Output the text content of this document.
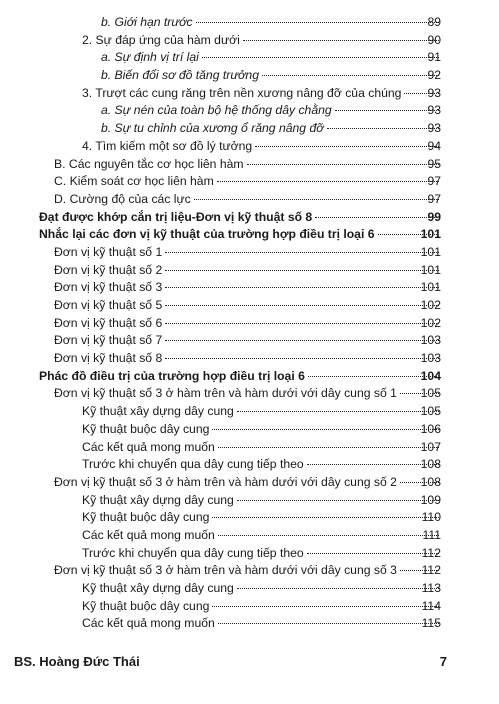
b. Giới hạn trước	89
2. Sự đáp ứng của hàm dưới	90
a. Sự định vị trí lại	91
b. Biến đổi sơ đồ tăng trưởng	92
3. Trượt các cung răng trên nền xương nâng đỡ của chúng	93
a. Sự nén của toàn bộ hệ thống dây chằng	93
b. Sự tu chỉnh của xương ổ răng nâng đỡ	93
4. Tìm kiếm một sơ đồ lý tưởng	94
B. Các nguyên tắc cơ học liên hàm	95
C. Kiểm soát cơ học liên hàm	97
D. Cường độ của các lực	97
Đạt được khớp cắn trị liệu-Đơn vị kỹ thuật số 8	99
Nhắc lại các đơn vị kỹ thuật của trường hợp điều trị loại 6	101
Đơn vị kỹ thuật số 1	101
Đơn vị kỹ thuật số 2	101
Đơn vị kỹ thuật số 3	101
Đơn vị kỹ thuật số 5	102
Đơn vị kỹ thuật số 6	102
Đơn vị kỹ thuật số 7	103
Đơn vị kỹ thuật số 8	103
Phác đồ điều trị của trường hợp điều trị loại 6	104
Đơn vị kỹ thuật số 3 ở hàm trên và hàm dưới với dây cung số 1 105
Kỹ thuật xây dựng dây cung	105
Kỹ thuật buộc dây cung	106
Các kết quả mong muốn	107
Trước khi chuyển qua dây cung tiếp theo	108
Đơn vị kỹ thuật số 3 ở hàm trên và hàm dưới với dây cung số 2 108
Kỹ thuật xây dựng dây cung	109
Kỹ thuật buộc dây cung	110
Các kết quả mong muốn	111
Trước khi chuyển qua dây cung tiếp theo	112
Đơn vị kỹ thuật số 3 ở hàm trên và hàm dưới với dây cung số 3 112
Kỹ thuật xây dựng dây cung	113
Kỹ thuật buộc dây cung	114
Các kết quả mong muốn	115
BS. Hoàng Đức Thái	7
